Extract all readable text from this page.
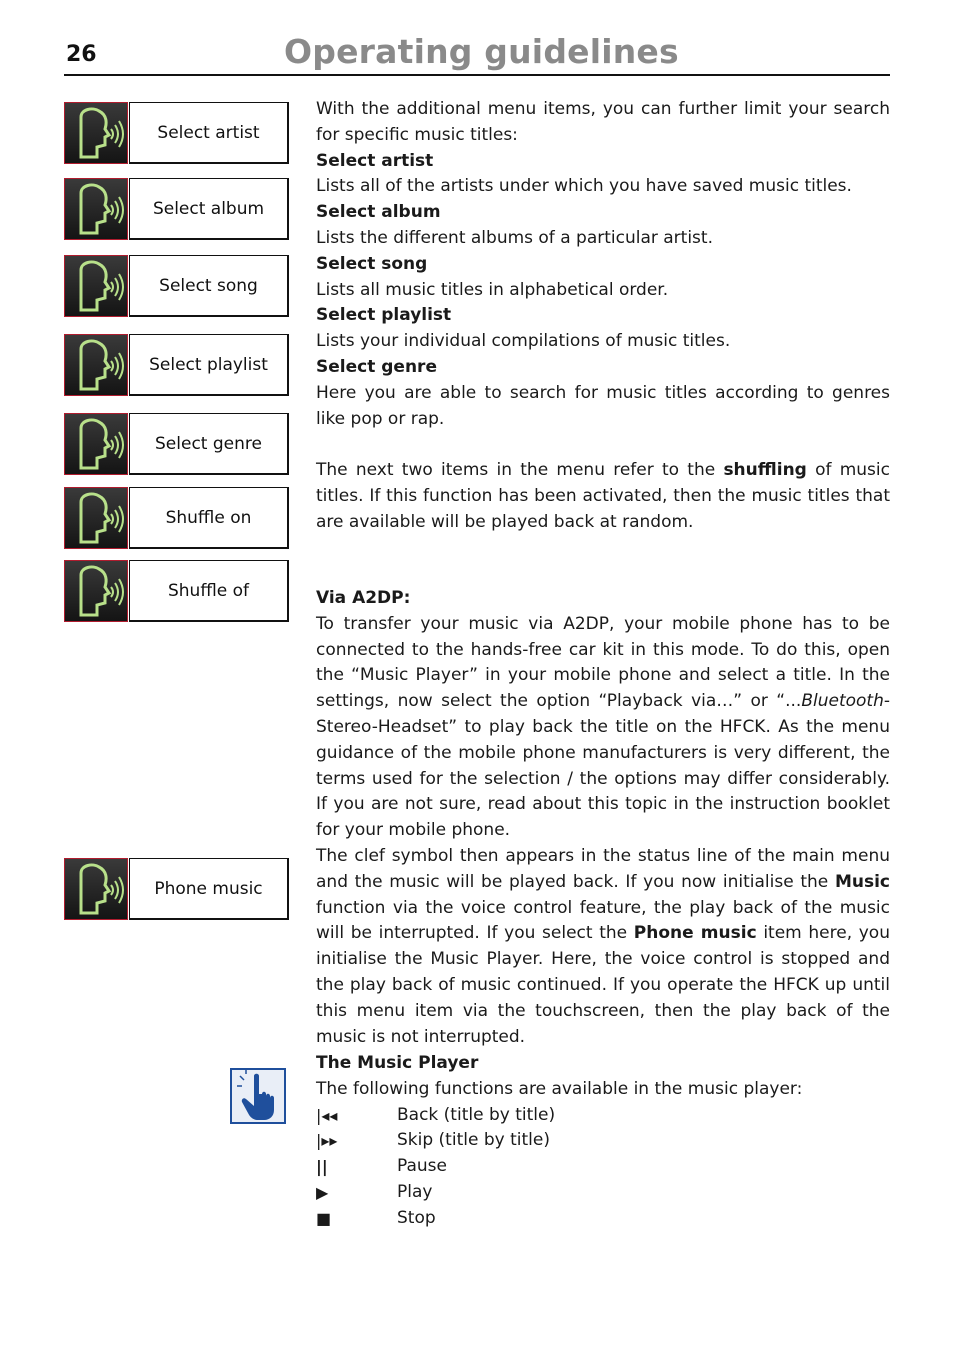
26	Operating guidelines
Select artist
Select album
Select song
Select playlist
Select genre
Shuffle on
Shuffle of
Phone music

With the additional menu items, you can further limit your search for specific music titles:

Select artist

Lists all of the artists under which you have saved music titles.

Select album

Lists the different albums of a particular artist.

Select song

Lists all music titles in alphabetical order.

Select playlist

Lists your individual compilations of music titles.

Select genre

Here you are able to search for music titles according to genres like pop or rap.

The next two items in the menu refer to the shuffling of music titles. If this function has been activated, then the music titles that are available will be played back at random.

Via A2DP:

To transfer your music via A2DP, your mobile phone has to be connected to the hands-free car kit in this mode. To do this, open the “Music Player” in your mobile phone and select a title. In the settings, now select the option “Playback via…” or “...Bluetooth-Stereo-Headset” to play back the title on the HFCK. As the menu guidance of the mobile phone manufacturers is very different, the terms used for the selection / the options may differ considerably. If you are not sure, read about this topic in the instruction booklet for your mobile phone.

The clef symbol then appears in the status line of the main menu and the music will be played back. If you now initialise the Music function via the voice control feature, the play back of the music will be interrupted. If you select the Phone music item here, you initialise the Music Player. Here, the voice control is stopped and the play back of music continued. If you operate the HFCK up until this menu item via the touchscreen, then the play back of the music is not interrupted.

The Music Player

The following functions are available in the music player:

|◂◂	Back (title by title)
|▸▸	Skip (title by title)
||	Pause
▶	Play
■	Stop
